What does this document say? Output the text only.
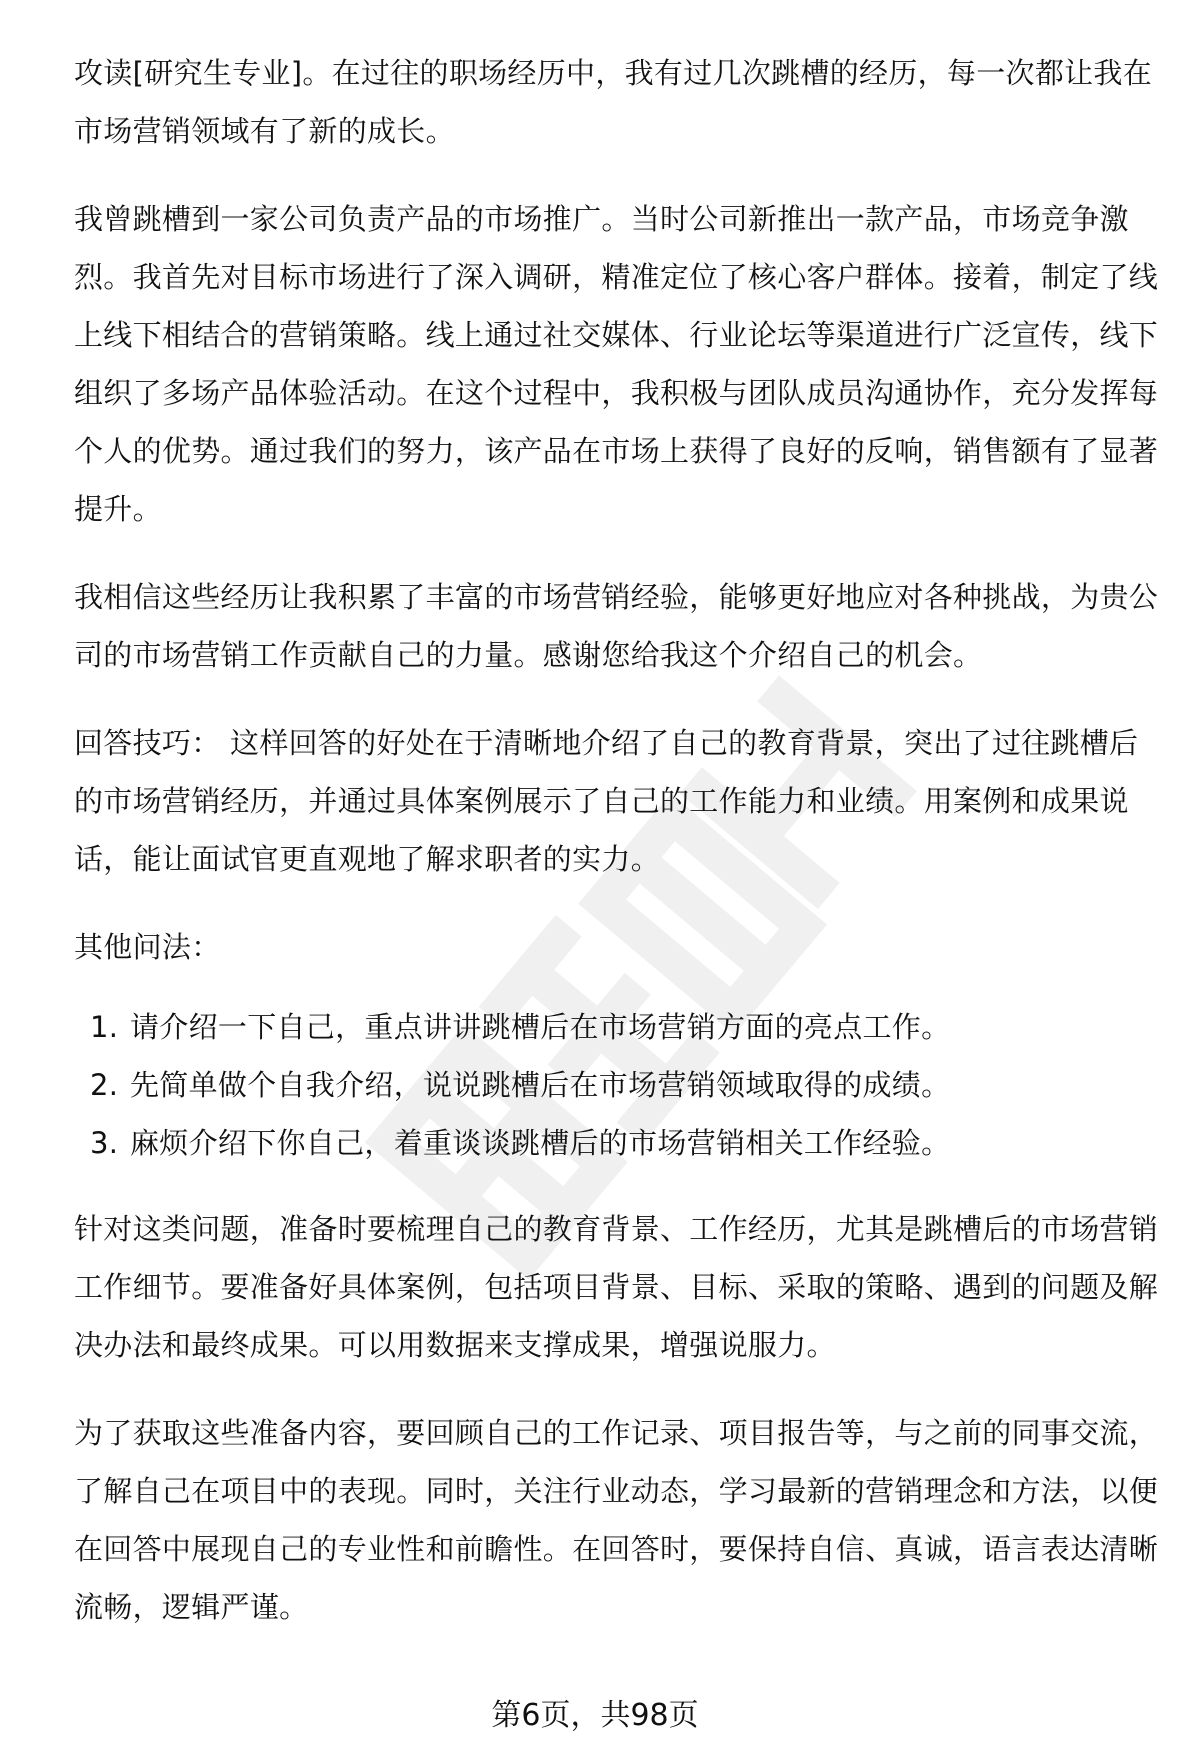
攻读[研究生专业]。在过往的职场经历中，我有过几次跳槽的经历，每一次都让我在市场营销领域有了新的成长。

我曾跳槽到一家公司负责产品的市场推广。当时公司新推出一款产品，市场竞争激烈。我首先对目标市场进行了深入调研，精准定位了核心客户群体。接着，制定了线上线下相结合的营销策略。线上通过社交媒体、行业论坛等渠道进行广泛宣传，线下组织了多场产品体验活动。在这个过程中，我积极与团队成员沟通协作，充分发挥每个人的优势。通过我们的努力，该产品在市场上获得了良好的反响，销售额有了显著提升。

我相信这些经历让我积累了丰富的市场营销经验，能够更好地应对各种挑战，为贵公司的市场营销工作贡献自己的力量。感谢您给我这个介绍自己的机会。

回答技巧： 这样回答的好处在于清晰地介绍了自己的教育背景，突出了过往跳槽后的市场营销经历，并通过具体案例展示了自己的工作能力和业绩。用案例和成果说话，能让面试官更直观地了解求职者的实力。

其他问法：

1. 请介绍一下自己，重点讲讲跳槽后在市场营销方面的亮点工作。
2. 先简单做个自我介绍，说说跳槽后在市场营销领域取得的成绩。
3. 麻烦介绍下你自己，着重谈谈跳槽后的市场营销相关工作经验。

针对这类问题，准备时要梳理自己的教育背景、工作经历，尤其是跳槽后的市场营销工作细节。要准备好具体案例，包括项目背景、目标、采取的策略、遇到的问题及解决办法和最终成果。可以用数据来支撑成果，增强说服力。

为了获取这些准备内容，要回顾自己的工作记录、项目报告等，与之前的同事交流，了解自己在项目中的表现。同时，关注行业动态，学习最新的营销理念和方法，以便在回答中展现自己的专业性和前瞻性。在回答时，要保持自信、真诚，语言表达清晰流畅，逻辑严谨。

第6页，共98页
